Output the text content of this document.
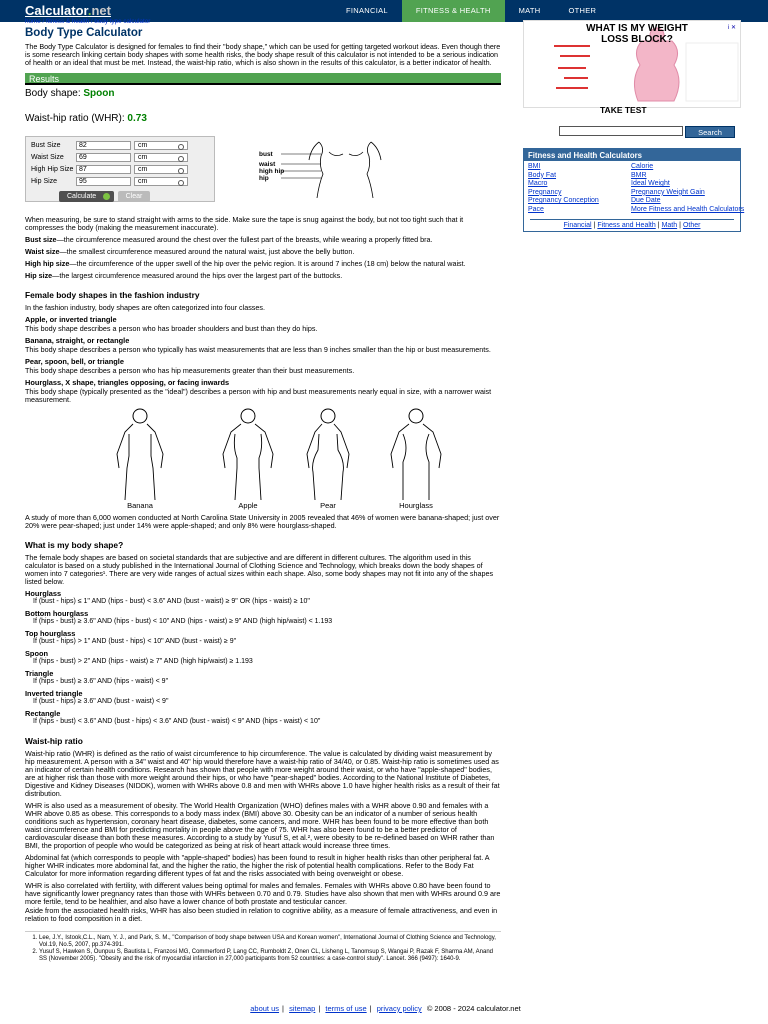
Calculator.net	FINANCIAL	FITNESS & HEALTH	MATH	OTHER
home / fitness & health / body type calculator
Body Type Calculator
The Body Type Calculator is designed for females to find their "body shape," which can be used for getting targeted workout ideas. Even though there is some research linking certain body shapes with some health risks, the body shape result of this calculator is not intended to be a serious indication of health or an ideal that must be met. Instead, the waist-hip ratio, which is also shown in the results of this calculator, is a better indicator of health.
Results
Body shape: Spoon
Waist-hip ratio (WHR): 0.73
Bust Size
82	cm
Waist Size
69	cm
High Hip Size
87	cm
Hip Size
95	cm
Calculate	Clear
bust
waist
high hip
hip

When measuring, be sure to stand straight with arms to the side. Make sure the tape is snug against the body, but not too tight such that it compresses the body (making the measurement inaccurate).

Bust size—the circumference measured around the chest over the fullest part of the breasts, while wearing a properly fitted bra.

Waist size—the smallest circumference measured around the natural waist, just above the belly button.

High hip size—the circumference of the upper swell of the hip over the pelvic region. It is around 7 inches (18 cm) below the natural waist.

Hip size—the largest circumference measured around the hips over the largest part of the buttocks.

Female body shapes in the fashion industry

In the fashion industry, body shapes are often categorized into four classes.

Apple, or inverted triangle

This body shape describes a person who has broader shoulders and bust than they do hips.

Banana, straight, or rectangle

This body shape describes a person who typically has waist measurements that are less than 9 inches smaller than the hip or bust measurements.

Pear, spoon, bell, or triangle

This body shape describes a person who has hip measurements greater than their bust measurements.

Hourglass, X shape, triangles opposing, or facing inwards

This body shape (typically presented as the "ideal") describes a person with hip and bust measurements nearly equal in size, with a narrower waist measurement.

Banana	Apple	Pear	Hourglass

A study of more than 6,000 women conducted at North Carolina State University in 2005 revealed that 46% of women were banana-shaped; just over 20% were pear-shaped; just under 14% were apple-shaped; and only 8% were hourglass-shaped.

What is my body shape?

The female body shapes are based on societal standards that are subjective and are different in different cultures. The algorithm used in this calculator is based on a study published in the International Journal of Clothing Science and Technology, which breaks down the body shapes of women into 7 categories¹. There are very wide ranges of actual sizes within each shape. Also, some body shapes may not fit into any of the shapes listed below.

Hourglass
If (bust - hips) ≤ 1" AND (hips - bust) < 3.6" AND (bust - waist) ≥ 9" OR (hips - waist) ≥ 10"
Bottom hourglass
If (hips - bust) ≥ 3.6" AND (hips - bust) < 10" AND (hips - waist) ≥ 9" AND (high hip/waist) < 1.193
Top hourglass
If (bust - hips) > 1" AND (bust - hips) < 10" AND (bust - waist) ≥ 9"
Spoon
If (hips - bust) > 2" AND (hips - waist) ≥ 7" AND (high hip/waist) ≥ 1.193
Triangle
If (hips - bust) ≥ 3.6" AND (hips - waist) < 9"
Inverted triangle
If (bust - hips) ≥ 3.6" AND (bust - waist) < 9"
Rectangle
If (hips - bust) < 3.6" AND (bust - hips) < 3.6" AND (bust - waist) < 9" AND (hips - waist) < 10"
Waist-hip ratio

Waist-hip ratio (WHR) is defined as the ratio of waist circumference to hip circumference. The value is calculated by dividing waist measurement by hip measurement. A person with a 34" waist and 40" hip would therefore have a waist-hip ratio of 34/40, or 0.85. Waist-hip ratio is sometimes used as an indicator of certain health conditions. Research has shown that people with more weight around their waist, or who have "apple-shaped" bodies, are at higher risk than those with more weight around their hips, or who have "pear-shaped" bodies. According to the National Institute of Diabetes, Digestive and Kidney Diseases (NIDDK), women with WHRs above 0.8 and men with WHRs above 1.0 have higher health risks as a result of their fat distribution.

WHR is also used as a measurement of obesity. The World Health Organization (WHO) defines males with a WHR above 0.90 and females with a WHR above 0.85 as obese. This corresponds to a body mass index (BMI) above 30. Obesity can be an indicator of a number of serious health conditions such as hypertension, coronary heart disease, diabetes, some cancers, and more. WHR has been found to be more effective than both waist circumference and BMI for predicting mortality in people above the age of 75. WHR has also been found to be a better predictor of cardiovascular disease than both these measures. According to a study by Yusuf S, et al.², were obesity to be re-defined based on WHR rather than BMI, the proportion of people who would be categorized as being at risk of heart attack would increase three times.

Abdominal fat (which corresponds to people with "apple-shaped" bodies) has been found to result in higher health risks than other peripheral fat. A higher WHR indicates more abdominal fat, and the higher the ratio, the higher the risk of potential health complications. Refer to the Body Fat Calculator for more information regarding different types of fat and the risks associated with being overweight or obese.

WHR is also correlated with fertility, with different values being optimal for males and females. Females with WHRs above 0.80 have been found to have significantly lower pregnancy rates than those with WHRs between 0.70 and 0.79. Studies have also shown that men with WHRs around 0.9 are more fertile, tend to be healthier, and also have a lower chance of both prostate and testicular cancer.

Aside from the associated health risks, WHR has also been studied in relation to cognitive ability, as a measure of female attractiveness, and even in relation to food composition in a diet.

1. Lee, J.Y., Istook,C.L., Nam, Y. J., and Park, S. M., "Comparison of body shape between USA and Korean women", International Journal of Clothing Science and Technology, Vol.19, No.5, 2007, pp.374-391.
2. Yusuf S, Hawken S, Ounpuu S, Bautista L, Franzosi MG, Commerford P, Lang CC, Rumboldt Z, Onen CL, Lisheng L, Tanomsup S, Wangai P, Razak F, Sharma AM, Anand SS (November 2005). "Obesity and the risk of myocardial infarction in 27,000 participants from 52 countries: a case-control study". Lancet. 366 (9497): 1640-9.
WHAT IS MY WEIGHT LOSS BLOCK?
i ✕
TAKE TEST
Search
Fitness and Health Calculators
BMI	Calorie
Body Fat	BMR
Macro	Ideal Weight
Pregnancy	Pregnancy Weight Gain
Pregnancy Conception	Due Date
Pace	More Fitness and Health Calculators
Financial | Fitness and Health | Math | Other
about us | sitemap | terms of use | privacy policy © 2008 - 2024 calculator.net
